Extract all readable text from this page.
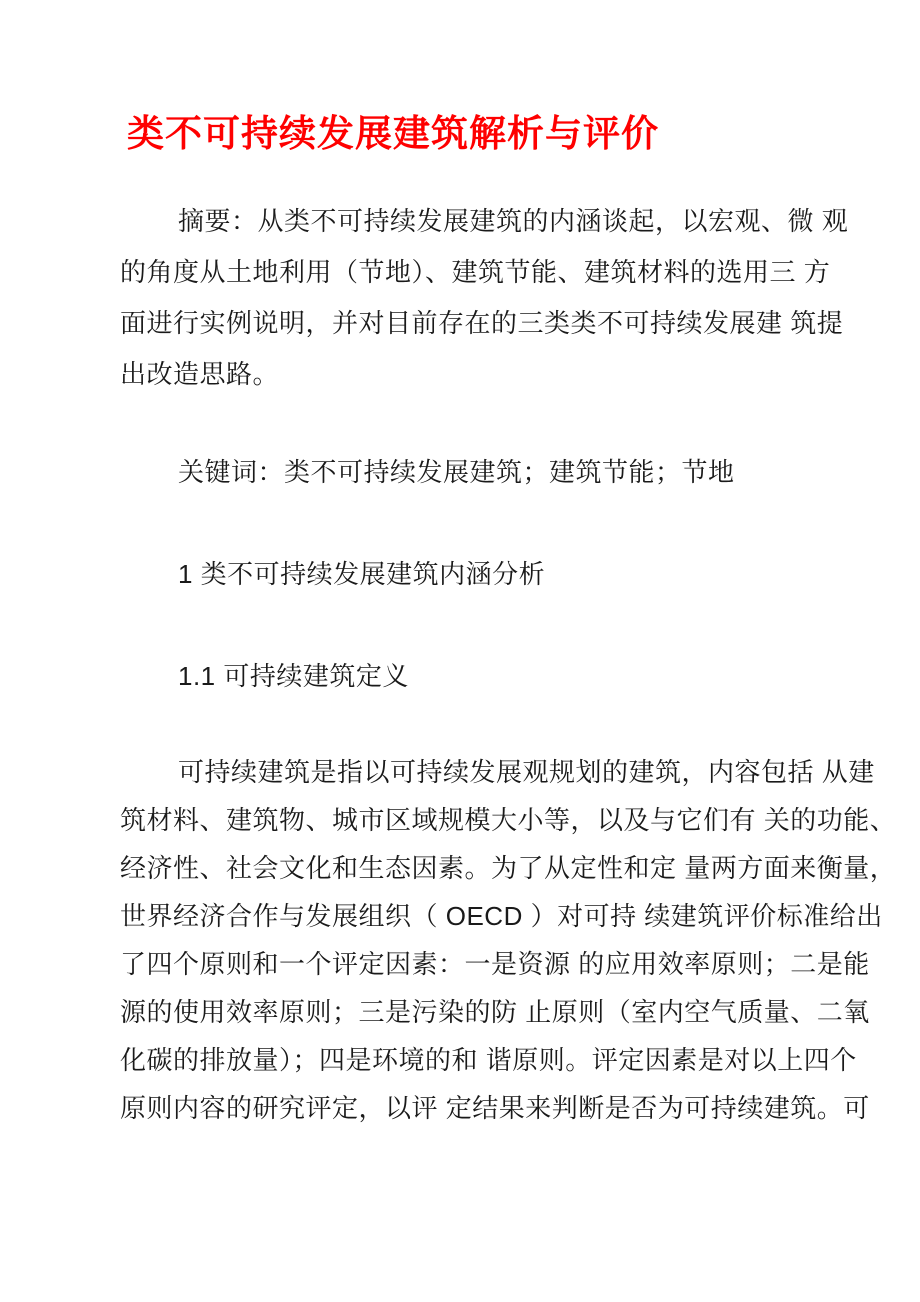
类不可持续发展建筑解析与评价
摘要：从类不可持续发展建筑的内涵谈起，以宏观、微 观
的角度从土地利用（节地）、建筑节能、建筑材料的选用三 方
面进行实例说明，并对目前存在的三类类不可持续发展建 筑提
出改造思路。
关键词：类不可持续发展建筑；建筑节能；节地
1 类不可持续发展建筑内涵分析
1.1 可持续建筑定义
可持续建筑是指以可持续发展观规划的建筑，内容包括 从建
筑材料、建筑物、城市区域规模大小等，以及与它们有 关的功能、
经济性、社会文化和生态因素。为了从定性和定 量两方面来衡量，
世界经济合作与发展组织（ OECD ）对可持 续建筑评价标准给出
了四个原则和一个评定因素：一是资源 的应用效率原则；二是能
源的使用效率原则；三是污染的防 止原则（室内空气质量、二氧
化碳的排放量）；四是环境的和 谐原则。评定因素是对以上四个
原则内容的研究评定，以评 定结果来判断是否为可持续建筑。可
